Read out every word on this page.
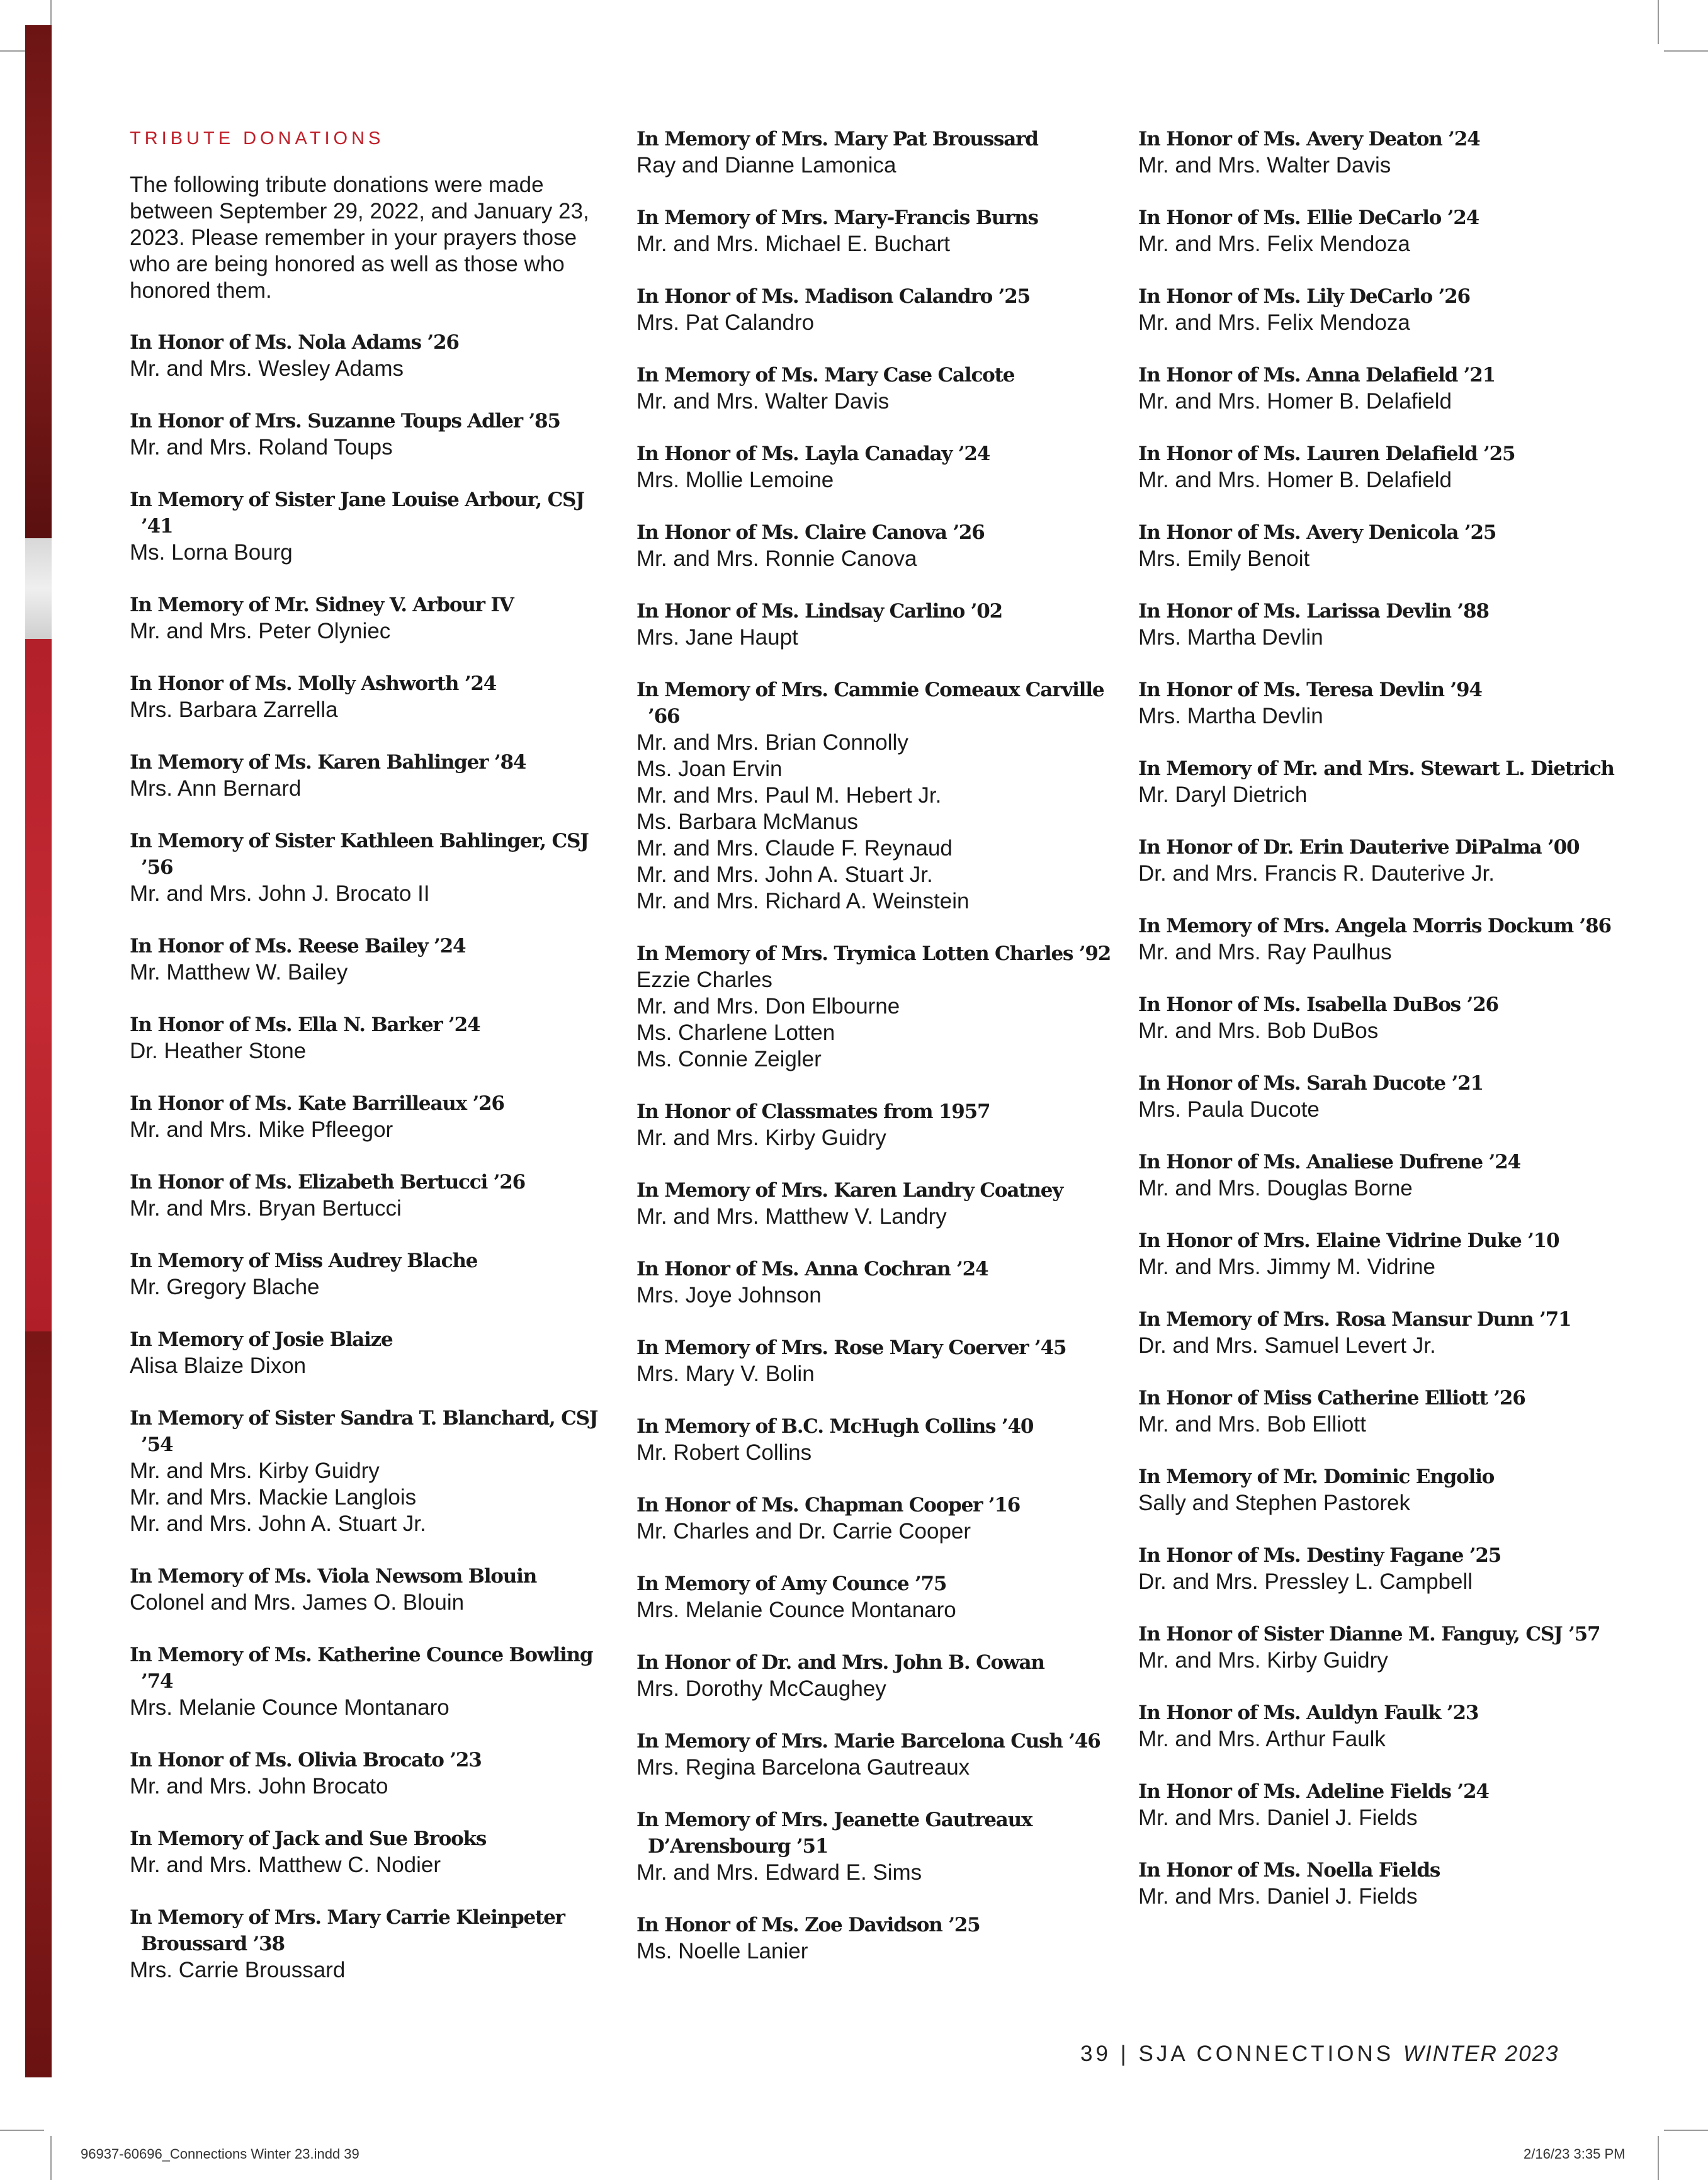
TRIBUTE DONATIONS
The following tribute donations were made between September 29, 2022, and January 23, 2023. Please remember in your prayers those who are being honored as well as those who honored them.
In Honor of Ms. Nola Adams ’26
Mr. and Mrs. Wesley Adams
In Honor of Mrs. Suzanne Toups Adler ’85
Mr. and Mrs. Roland Toups
In Memory of Sister Jane Louise Arbour, CSJ ’41
Ms. Lorna Bourg
In Memory of Mr. Sidney V. Arbour IV
Mr. and Mrs. Peter Olyniec
In Honor of Ms. Molly Ashworth ’24
Mrs. Barbara Zarrella
In Memory of Ms. Karen Bahlinger ’84
Mrs. Ann Bernard
In Memory of Sister Kathleen Bahlinger, CSJ ’56
Mr. and Mrs. John J. Brocato II
In Honor of Ms. Reese Bailey ’24
Mr. Matthew W. Bailey
In Honor of Ms. Ella N. Barker ’24
Dr. Heather Stone
In Honor of Ms. Kate Barrilleaux ’26
Mr. and Mrs. Mike Pfleegor
In Honor of Ms. Elizabeth Bertucci ’26
Mr. and Mrs. Bryan Bertucci
In Memory of Miss Audrey Blache
Mr. Gregory Blache
In Memory of Josie Blaize
Alisa Blaize Dixon
In Memory of Sister Sandra T. Blanchard, CSJ ’54
Mr. and Mrs. Kirby Guidry
Mr. and Mrs. Mackie Langlois
Mr. and Mrs. John A. Stuart Jr.
In Memory of Ms. Viola Newsom Blouin
Colonel and Mrs. James O. Blouin
In Memory of Ms. Katherine Counce Bowling ’74
Mrs. Melanie Counce Montanaro
In Honor of Ms. Olivia Brocato ’23
Mr. and Mrs. John Brocato
In Memory of Jack and Sue Brooks
Mr. and Mrs. Matthew C. Nodier
In Memory of Mrs. Mary Carrie Kleinpeter Broussard ’38
Mrs. Carrie Broussard
In Memory of Mrs. Mary Pat Broussard
Ray and Dianne Lamonica
In Memory of Mrs. Mary-Francis Burns
Mr. and Mrs. Michael E. Buchart
In Honor of Ms. Madison Calandro ’25
Mrs. Pat Calandro
In Memory of Ms. Mary Case Calcote
Mr. and Mrs. Walter Davis
In Honor of Ms. Layla Canaday ’24
Mrs. Mollie Lemoine
In Honor of Ms. Claire Canova ’26
Mr. and Mrs. Ronnie Canova
In Honor of Ms. Lindsay Carlino ’02
Mrs. Jane Haupt
In Memory of Mrs. Cammie Comeaux Carville ’66
Mr. and Mrs. Brian Connolly
Ms. Joan Ervin
Mr. and Mrs. Paul M. Hebert Jr.
Ms. Barbara McManus
Mr. and Mrs. Claude F. Reynaud
Mr. and Mrs. John A. Stuart Jr.
Mr. and Mrs. Richard A. Weinstein
In Memory of Mrs. Trymica Lotten Charles ’92
Ezzie Charles
Mr. and Mrs. Don Elbourne
Ms. Charlene Lotten
Ms. Connie Zeigler
In Honor of Classmates from 1957
Mr. and Mrs. Kirby Guidry
In Memory of Mrs. Karen Landry Coatney
Mr. and Mrs. Matthew V. Landry
In Honor of Ms. Anna Cochran ’24
Mrs. Joye Johnson
In Memory of Mrs. Rose Mary Coerver ’45
Mrs. Mary V. Bolin
In Memory of B.C. McHugh Collins ’40
Mr. Robert Collins
In Honor of Ms. Chapman Cooper ’16
Mr. Charles and Dr. Carrie Cooper
In Memory of Amy Counce ’75
Mrs. Melanie Counce Montanaro
In Honor of Dr. and Mrs. John B. Cowan
Mrs. Dorothy McCaughey
In Memory of Mrs. Marie Barcelona Cush ’46
Mrs. Regina Barcelona Gautreaux
In Memory of Mrs. Jeanette Gautreaux D’Arensbourg ’51
Mr. and Mrs. Edward E. Sims
In Honor of Ms. Zoe Davidson ’25
Ms. Noelle Lanier
In Honor of Ms. Avery Deaton ’24
Mr. and Mrs. Walter Davis
In Honor of Ms. Ellie DeCarlo ’24
Mr. and Mrs. Felix Mendoza
In Honor of Ms. Lily DeCarlo ’26
Mr. and Mrs. Felix Mendoza
In Honor of Ms. Anna Delafield ’21
Mr. and Mrs. Homer B. Delafield
In Honor of Ms. Lauren Delafield ’25
Mr. and Mrs. Homer B. Delafield
In Honor of Ms. Avery Denicola ’25
Mrs. Emily Benoit
In Honor of Ms. Larissa Devlin ’88
Mrs. Martha Devlin
In Honor of Ms. Teresa Devlin ’94
Mrs. Martha Devlin
In Memory of Mr. and Mrs. Stewart L. Dietrich
Mr. Daryl Dietrich
In Honor of Dr. Erin Dauterive DiPalma ’00
Dr. and Mrs. Francis R. Dauterive Jr.
In Memory of Mrs. Angela Morris Dockum ’86
Mr. and Mrs. Ray Paulhus
In Honor of Ms. Isabella DuBos ’26
Mr. and Mrs. Bob DuBos
In Honor of Ms. Sarah Ducote ’21
Mrs. Paula Ducote
In Honor of Ms. Analiese Dufrene ’24
Mr. and Mrs. Douglas Borne
In Honor of Mrs. Elaine Vidrine Duke ’10
Mr. and Mrs. Jimmy M. Vidrine
In Memory of Mrs. Rosa Mansur Dunn ’71
Dr. and Mrs. Samuel Levert Jr.
In Honor of Miss Catherine Elliott ’26
Mr. and Mrs. Bob Elliott
In Memory of Mr. Dominic Engolio
Sally and Stephen Pastorek
In Honor of Ms. Destiny Fagane ’25
Dr. and Mrs. Pressley L. Campbell
In Honor of Sister Dianne M. Fanguy, CSJ ’57
Mr. and Mrs. Kirby Guidry
In Honor of Ms. Auldyn Faulk ’23
Mr. and Mrs. Arthur Faulk
In Honor of Ms. Adeline Fields ’24
Mr. and Mrs. Daniel J. Fields
In Honor of Ms. Noella Fields
Mr. and Mrs. Daniel J. Fields
39 | SJA CONNECTIONS WINTER 2023
96937-60696_Connections Winter 23.indd 39	2/16/23 3:35 PM
